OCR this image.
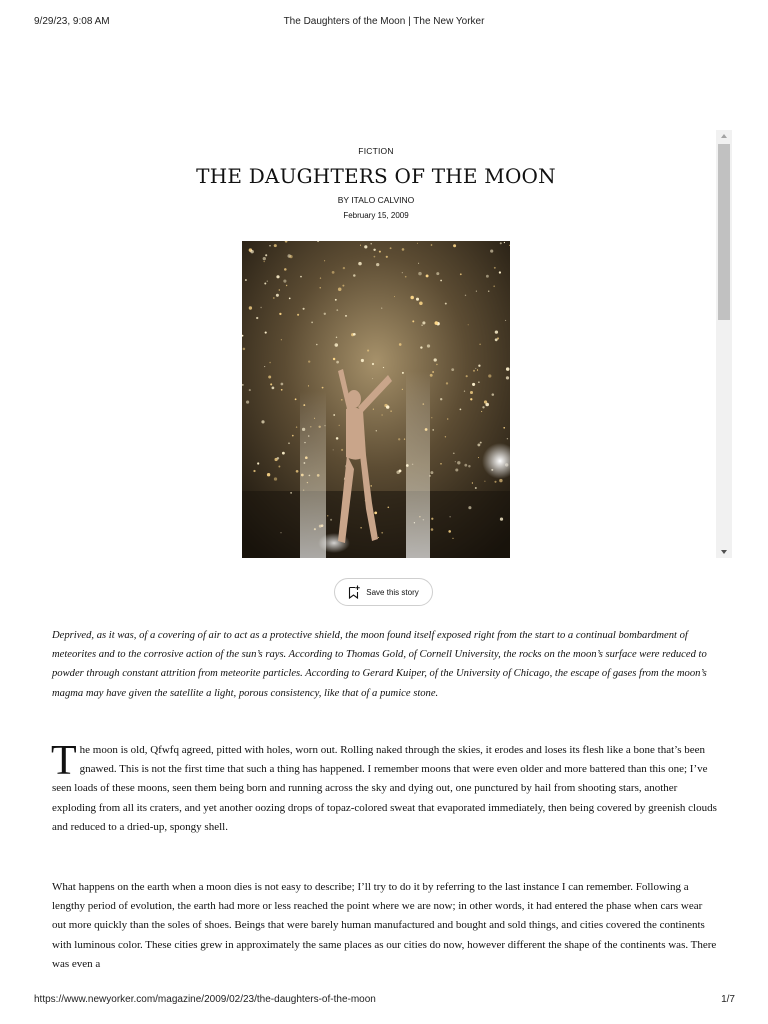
9/29/23, 9:08 AM	The Daughters of the Moon | The New Yorker
FICTION
THE DAUGHTERS OF THE MOON
BY ITALO CALVINO
February 15, 2009
Save this story

Deprived, as it was, of a covering of air to act as a protective shield, the moon found itself exposed right from the start to a continual bombardment of meteorites and to the corrosive action of the sun’s rays. According to Thomas Gold, of Cornell University, the rocks on the moon’s surface were reduced to powder through constant attrition from meteorite particles. According to Gerard Kuiper, of the University of Chicago, the escape of gases from the moon’s magma may have given the satellite a light, porous consistency, like that of a pumice stone.

The moon is old, Qfwfq agreed, pitted with holes, worn out. Rolling naked through the skies, it erodes and loses its flesh like a bone that’s been gnawed. This is not the first time that such a thing has happened. I remember moons that were even older and more battered than this one; I’ve seen loads of these moons, seen them being born and running across the sky and dying out, one punctured by hail from shooting stars, another exploding from all its craters, and yet another oozing drops of topaz-colored sweat that evaporated immediately, then being covered by greenish clouds and reduced to a dried-up, spongy shell.

What happens on the earth when a moon dies is not easy to describe; I’ll try to do it by referring to the last instance I can remember. Following a lengthy period of evolution, the earth had more or less reached the point where we are now; in other words, it had entered the phase when cars wear out more quickly than the soles of shoes. Beings that were barely human manufactured and bought and sold things, and cities covered the continents with luminous color. These cities grew in approximately the same places as our cities do now, however different the shape of the continents was. There was even a

https://www.newyorker.com/magazine/2009/02/23/the-daughters-of-the-moon	1/7
